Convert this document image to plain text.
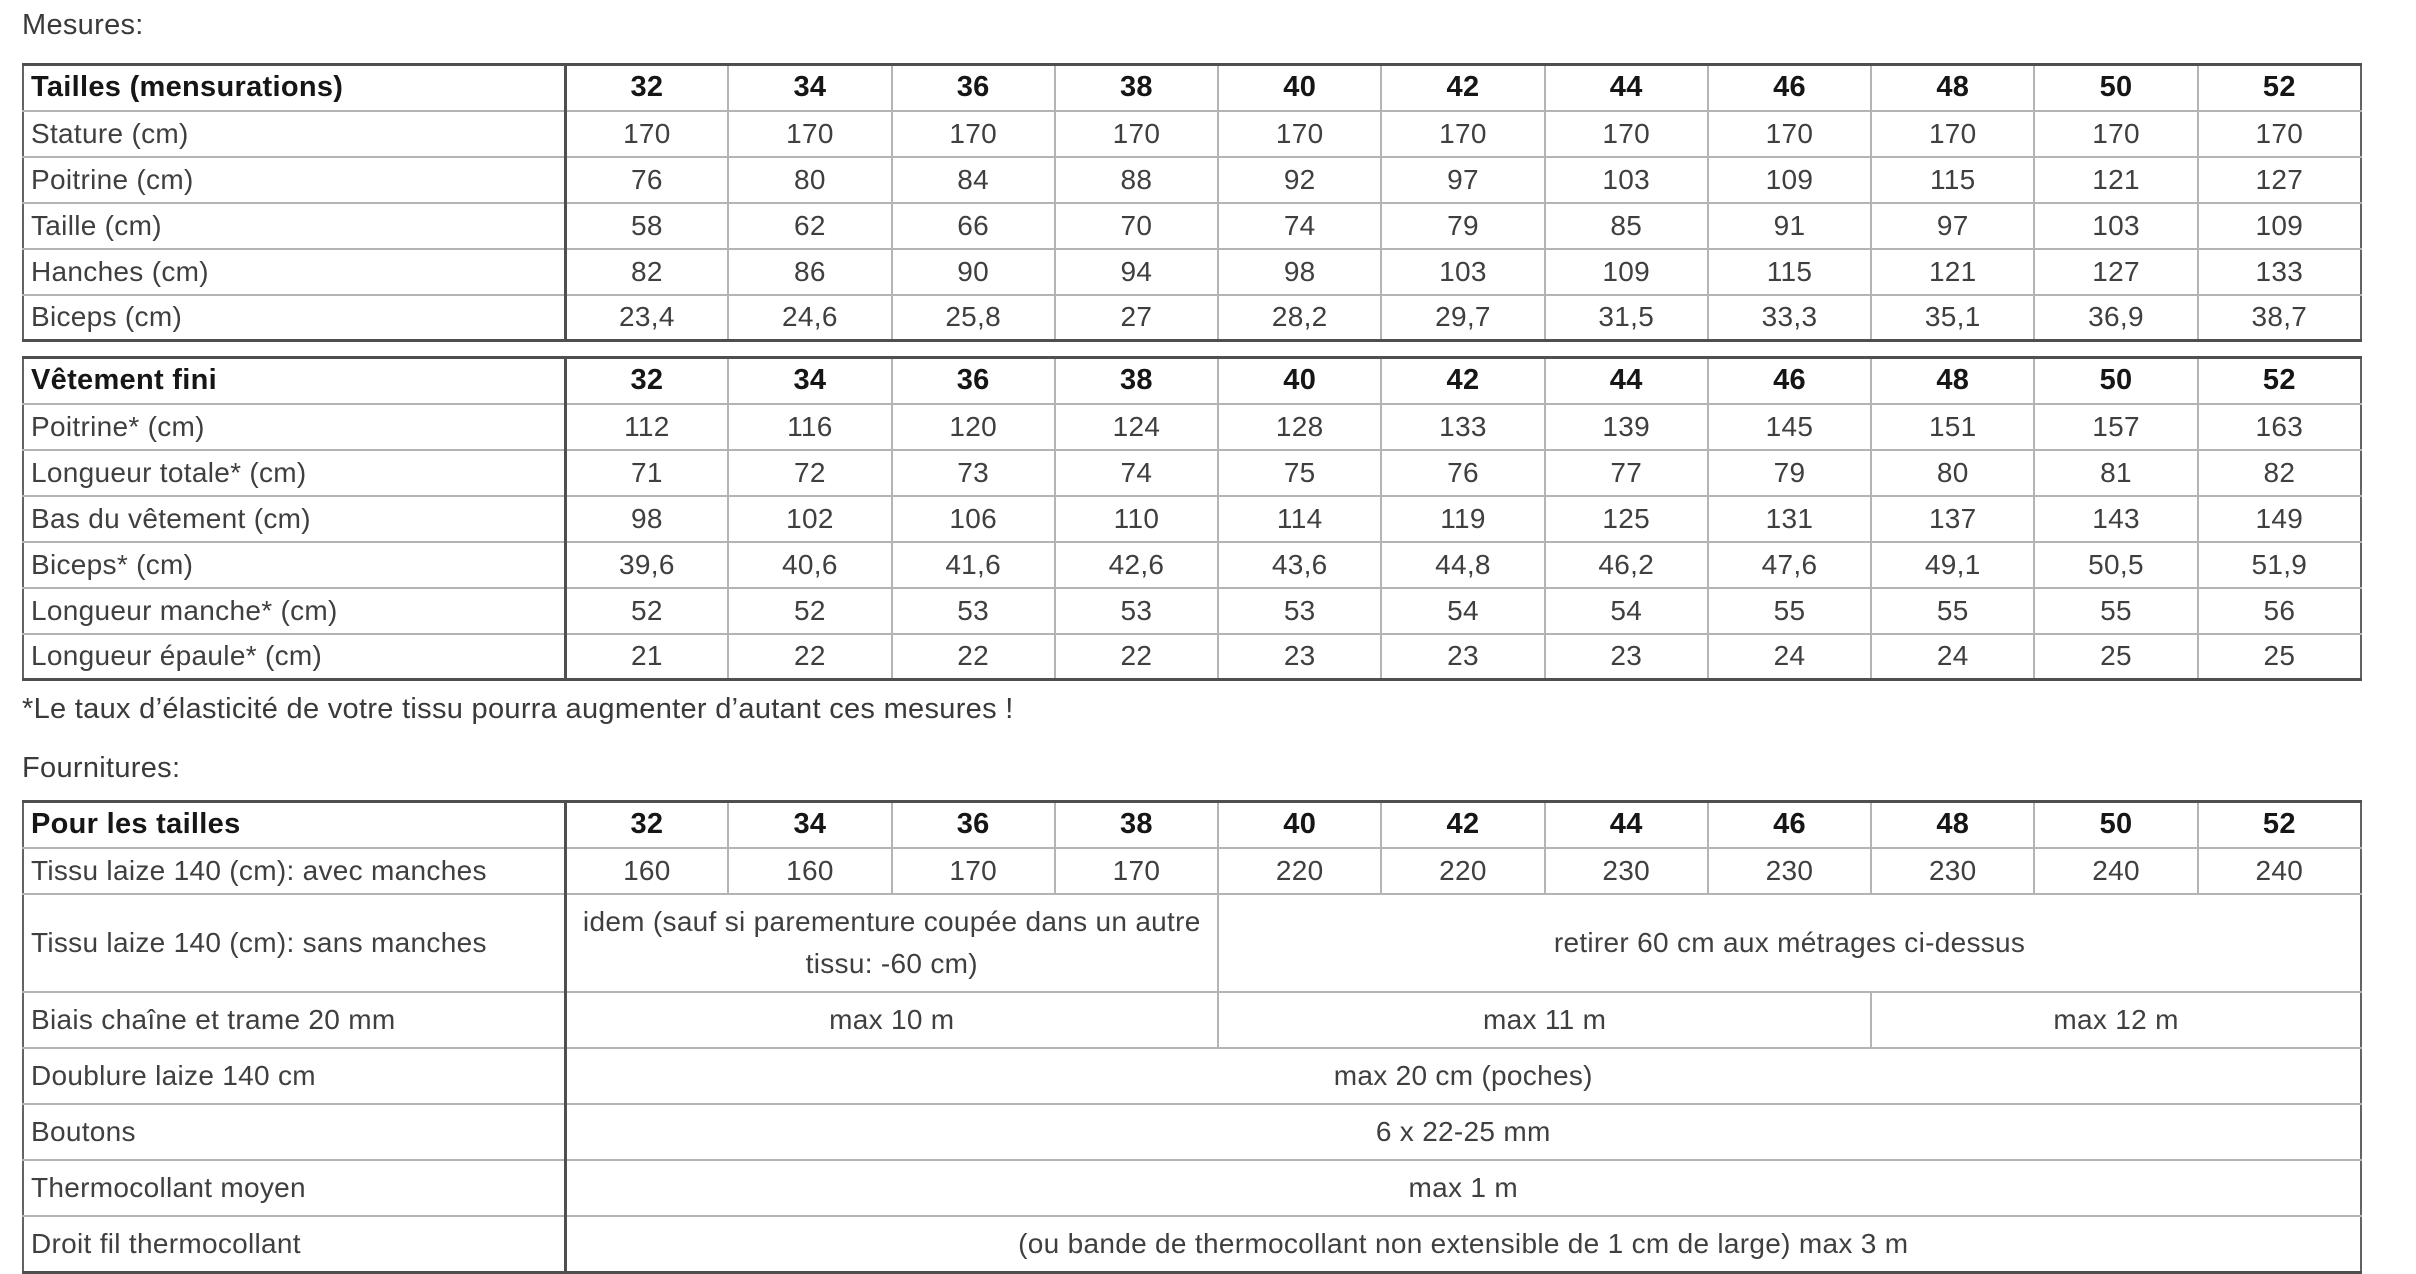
Mesures:

Tailles (mensurations)	32	34	36	38	40	42	44	46	48	50	52
Stature (cm)	170	170	170	170	170	170	170	170	170	170	170
Poitrine (cm)	76	80	84	88	92	97	103	109	115	121	127
Taille (cm)	58	62	66	70	74	79	85	91	97	103	109
Hanches (cm)	82	86	90	94	98	103	109	115	121	127	133
Biceps (cm)	23,4	24,6	25,8	27	28,2	29,7	31,5	33,3	35,1	36,9	38,7
Vêtement fini	32	34	36	38	40	42	44	46	48	50	52
Poitrine* (cm)	112	116	120	124	128	133	139	145	151	157	163
Longueur totale* (cm)	71	72	73	74	75	76	77	79	80	81	82
Bas du vêtement (cm)	98	102	106	110	114	119	125	131	137	143	149
Biceps* (cm)	39,6	40,6	41,6	42,6	43,6	44,8	46,2	47,6	49,1	50,5	51,9
Longueur manche* (cm)	52	52	53	53	53	54	54	55	55	55	56
Longueur épaule* (cm)	21	22	22	22	23	23	23	24	24	25	25

*Le taux d’élasticité de votre tissu pourra augmenter d’autant ces mesures !

Fournitures:

Pour les tailles	32	34	36	38	40	42	44	46	48	50	52
Tissu laize 140 (cm): avec manches	160	160	170	170	220	220	230	230	230	240	240
Tissu laize 140 (cm): sans manches	idem (sauf si parementure coupée dans un autre tissu: -60 cm)				retirer 60 cm aux métrages ci-dessus						
Biais chaîne et trame 20 mm	max 10 m				max 11 m				max 12 m		
Doublure laize 140 cm	max 20 cm (poches)										
Boutons	6 x 22-25 mm										
Thermocollant moyen	max 1 m										
Droit fil thermocollant	(ou bande de thermocollant non extensible de 1 cm de large) max 3 m										
